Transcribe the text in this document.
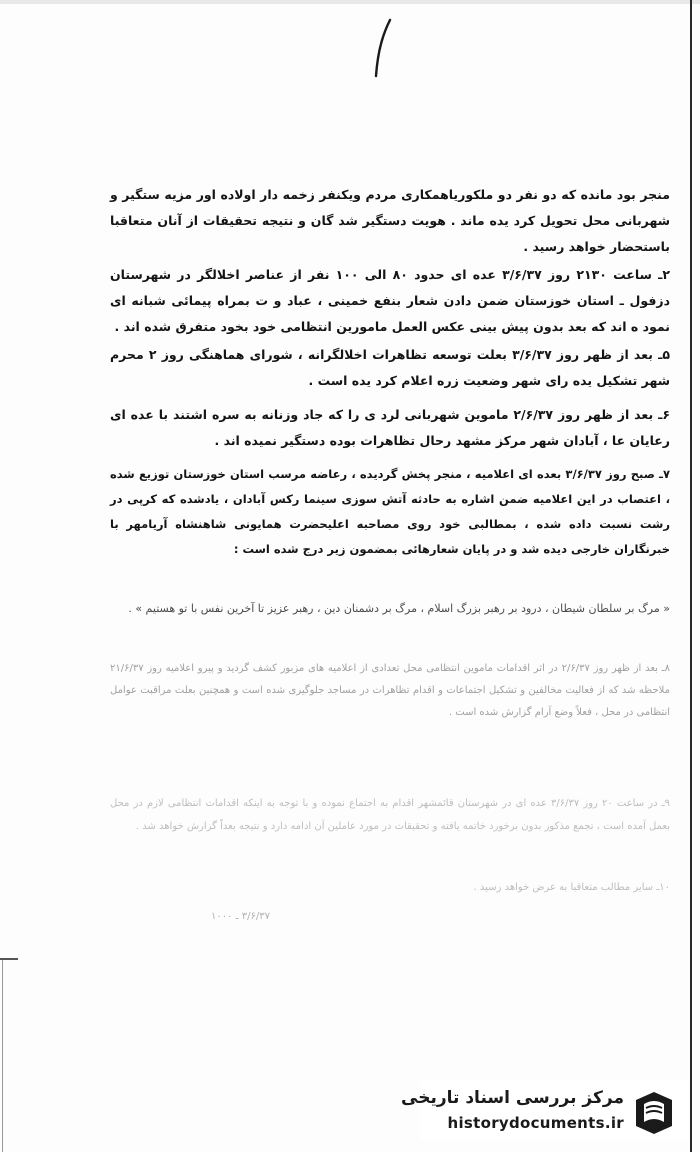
منجر بود مانده که دو نفر دو ملکوریاهمکاری مردم ویکنفر زخمه دار اولاده اور مزیه ستگیر و شهربانی محل تحویل کرد یده ماند . هویت دستگیر شد گان و نتیجه تحقیقات از آنان متعاقبا باستحضار خواهد رسید .

۲ـ ساعت ۲۱۳۰ روز ۳/۶/۳۷ عده ای حدود ۸۰ الی ۱۰۰ نفر از عناصر اخلالگر در شهرستان دزفول ـ استان خوزستان ضمن دادن شعار بنفع خمینی ، عباد و ت بمراه پیمائی شبانه ای نمود ه اند که بعد بدون پیش بینی عکس العمل مامورین انتظامی خود بخود متفرق شده اند .

۵ـ بعد از ظهر روز ۳/۶/۳۷ بعلت توسعه تظاهرات اخلالگرانه ، شورای هماهنگی روز ۲ محرم شهر تشکیل یده رای شهر وضعیت زره اعلام کرد یده است .

۶ـ بعد از ظهر روز ۲/۶/۳۷ ماموین شهربانی لرد ی را که جاد وزنانه به سره اشتند با عده ای رعایان عا ، آبادان شهر مرکز مشهد رحال تظاهرات بوده دستگیر نمیده اند .

۷ـ صبح روز ۳/۶/۳۷ بعده ای اعلامیه ، منجر پخش گردیده ، رعاضه مرسب استان خوزستان توزیع شده ، اعتصاب در این اعلامیه ضمن اشاره به حادثه آتش سوزی سینما رکس آبادان ، یادشده که کرپی در رشت نسبت داده شده ، بمطالبی خود روی مصاحبه اعلیحضرت همایونی شاهنشاه آریامهر با خبرنگاران خارجی دیده شد و در پایان شعارهائی بمضمون زیر درج شده است :

« مرگ بر سلطان شیطان ، درود بر رهبر بزرگ اسلام ، مرگ بر دشمنان دین ، رهبر عزیز تا آخرین نفس با تو هستیم » .

۸ـ بعد از ظهر روز ۲/۶/۳۷ در اثر اقدامات ماموین انتظامی محل تعدادی از اعلامیه های مزبور کشف گردید و پیرو اعلامیه روز ۲۱/۶/۳۷ ملاحظه شد که از فعالیت مخالفین و تشکیل اجتماعات و اقدام تظاهرات در مساجد جلوگیری شده است و همچنین بعلت مراقبت عوامل انتظامی در محل ، فعلاً وضع آرام گزارش شده است .

۹ـ در ساعت ۲۰ روز ۳/۶/۳۷ عده ای در شهرستان قائمشهر اقدام به اجتماع نموده و با توجه به اینکه اقدامات انتظامی لازم در محل بعمل آمده است ، تجمع مذکور بدون برخورد خاتمه یافته و تحقیقات در مورد عاملین آن ادامه دارد و نتیجه بعداً گزارش خواهد شد .

۱۰ـ سایر مطالب متعاقبا به عرض خواهد رسید .

۳/۶/۳۷ ـ ۱۰۰۰
مرکز بررسی اسناد تاریخی
historydocuments.ir
